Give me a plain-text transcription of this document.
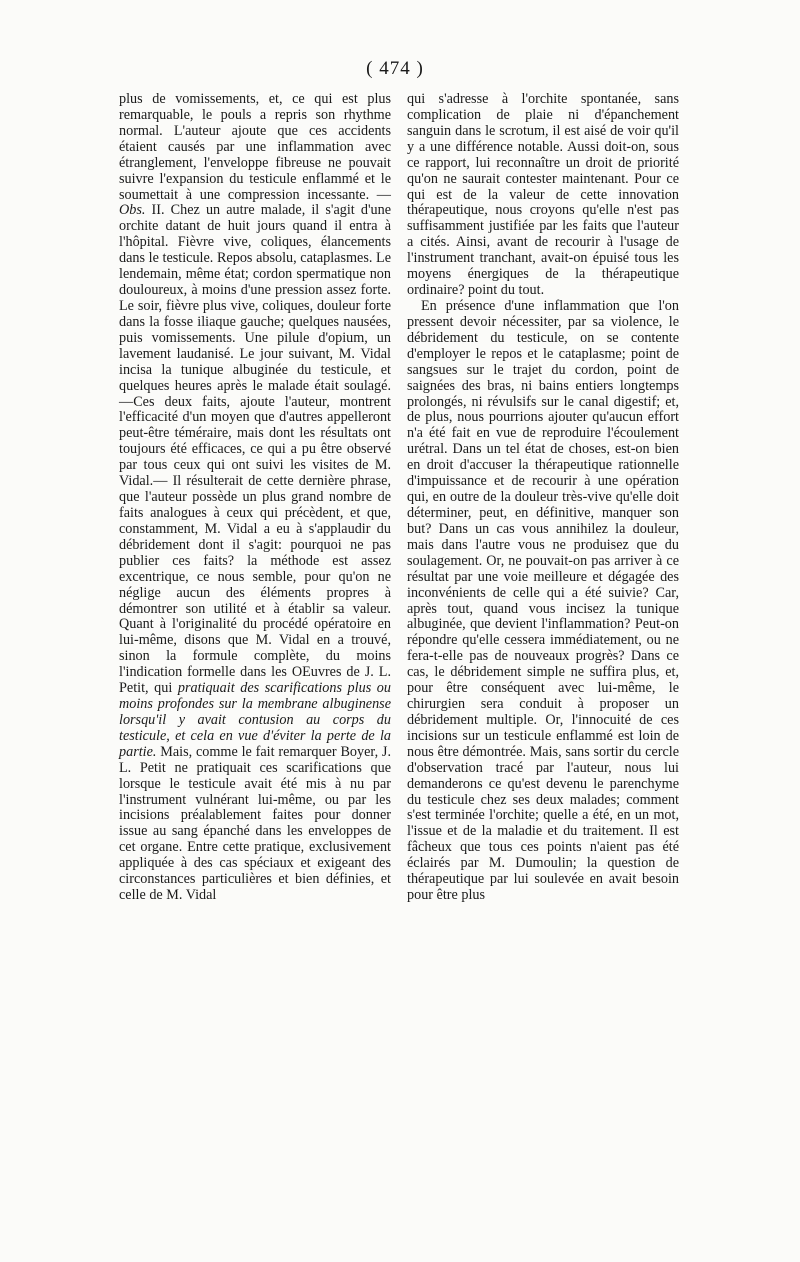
( 474 )

plus de vomissements, et, ce qui est plus remarquable, le pouls a repris son rhythme normal. L'auteur ajoute que ces accidents étaient causés par une inflammation avec étranglement, l'enveloppe fibreuse ne pouvait suivre l'expansion du testicule enflammé et le soumettait à une compression incessante. — Obs. II. Chez un autre malade, il s'agit d'une orchite datant de huit jours quand il entra à l'hôpital. Fièvre vive, coliques, élancements dans le testicule. Repos absolu, cataplasmes. Le lendemain, même état; cordon spermatique non douloureux, à moins d'une pression assez forte. Le soir, fièvre plus vive, coliques, douleur forte dans la fosse iliaque gauche; quelques nausées, puis vomissements. Une pilule d'opium, un lavement laudanisé. Le jour suivant, M. Vidal incisa la tunique albuginée du testicule, et quelques heures après le malade était soulagé.—Ces deux faits, ajoute l'auteur, montrent l'efficacité d'un moyen que d'autres appelleront peut-être téméraire, mais dont les résultats ont toujours été efficaces, ce qui a pu être observé par tous ceux qui ont suivi les visites de M. Vidal.— Il résulterait de cette dernière phrase, que l'auteur possède un plus grand nombre de faits analogues à ceux qui précèdent, et que, constamment, M. Vidal a eu à s'applaudir du débridement dont il s'agit: pourquoi ne pas publier ces faits? la méthode est assez excentrique, ce nous semble, pour qu'on ne néglige aucun des éléments propres à démontrer son utilité et à établir sa valeur. Quant à l'originalité du procédé opératoire en lui-même, disons que M. Vidal en a trouvé, sinon la formule complète, du moins l'indication formelle dans les OEuvres de J. L. Petit, qui pratiquait des scarifications plus ou moins profondes sur la membrane albuginense lorsqu'il y avait contusion au corps du testicule, et cela en vue d'éviter la perte de la partie. Mais, comme le fait remarquer Boyer, J. L. Petit ne pratiquait ces scarifications que lorsque le testicule avait été mis à nu par l'instrument vulnérant lui-même, ou par les incisions préalablement faites pour donner issue au sang épanché dans les enveloppes de cet organe. Entre cette pratique, exclusivement appliquée à des cas spéciaux et exigeant des circonstances particulières et bien définies, et celle de M. Vidal

qui s'adresse à l'orchite spontanée, sans complication de plaie ni d'épanchement sanguin dans le scrotum, il est aisé de voir qu'il y a une différence notable. Aussi doit-on, sous ce rapport, lui reconnaître un droit de priorité qu'on ne saurait contester maintenant. Pour ce qui est de la valeur de cette innovation thérapeutique, nous croyons qu'elle n'est pas suffisamment justifiée par les faits que l'auteur a cités. Ainsi, avant de recourir à l'usage de l'instrument tranchant, avait-on épuisé tous les moyens énergiques de la thérapeutique ordinaire? point du tout.

En présence d'une inflammation que l'on pressent devoir nécessiter, par sa violence, le débridement du testicule, on se contente d'employer le repos et le cataplasme; point de sangsues sur le trajet du cordon, point de saignées des bras, ni bains entiers longtemps prolongés, ni révulsifs sur le canal digestif; et, de plus, nous pourrions ajouter qu'aucun effort n'a été fait en vue de reproduire l'écoulement urétral. Dans un tel état de choses, est-on bien en droit d'accuser la thérapeutique rationnelle d'impuissance et de recourir à une opération qui, en outre de la douleur très-vive qu'elle doit déterminer, peut, en définitive, manquer son but? Dans un cas vous annihilez la douleur, mais dans l'autre vous ne produisez que du soulagement. Or, ne pouvait-on pas arriver à ce résultat par une voie meilleure et dégagée des inconvénients de celle qui a été suivie? Car, après tout, quand vous incisez la tunique albuginée, que devient l'inflammation? Peut-on répondre qu'elle cessera immédiatement, ou ne fera-t-elle pas de nouveaux progrès? Dans ce cas, le débridement simple ne suffira plus, et, pour être conséquent avec lui-même, le chirurgien sera conduit à proposer un débridement multiple. Or, l'innocuité de ces incisions sur un testicule enflammé est loin de nous être démontrée. Mais, sans sortir du cercle d'observation tracé par l'auteur, nous lui demanderons ce qu'est devenu le parenchyme du testicule chez ses deux malades; comment s'est terminée l'orchite; quelle a été, en un mot, l'issue et de la maladie et du traitement. Il est fâcheux que tous ces points n'aient pas été éclairés par M. Dumoulin; la question de thérapeutique par lui soulevée en avait besoin pour être plus
